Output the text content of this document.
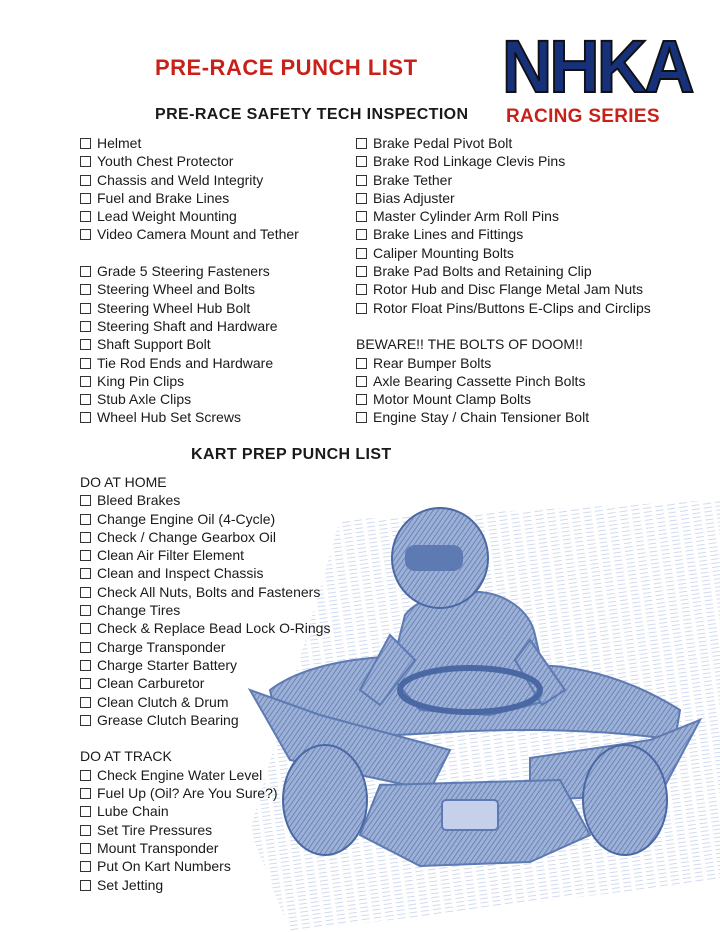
PRE-RACE PUNCH LIST NHKA
RACING SERIES
PRE-RACE SAFETY TECH INSPECTION
Helmet
Youth Chest Protector
Chassis and Weld Integrity
Fuel and Brake Lines
Lead Weight Mounting
Video Camera Mount and Tether
Grade 5 Steering Fasteners
Steering Wheel and Bolts
Steering Wheel Hub Bolt
Steering Shaft and Hardware
Shaft Support Bolt
Tie Rod Ends and Hardware
King Pin Clips
Stub Axle Clips
Wheel Hub Set Screws
Brake Pedal Pivot Bolt
Brake Rod Linkage Clevis Pins
Brake Tether
Bias Adjuster
Master Cylinder Arm Roll Pins
Brake Lines and Fittings
Caliper Mounting Bolts
Brake Pad Bolts and Retaining Clip
Rotor Hub and Disc Flange Metal Jam Nuts
Rotor Float Pins/Buttons E-Clips and Circlips
BEWARE!! THE BOLTS OF DOOM!!
Rear Bumper Bolts
Axle Bearing Cassette Pinch Bolts
Motor Mount Clamp Bolts
Engine Stay / Chain Tensioner Bolt
KART PREP PUNCH LIST
DO AT HOME
Bleed Brakes
Change Engine Oil (4-Cycle)
Check / Change Gearbox Oil
Clean Air Filter Element
Clean and Inspect Chassis
Check All Nuts, Bolts and Fasteners
Change Tires
Check & Replace Bead Lock O-Rings
Charge Transponder
Charge Starter Battery
Clean Carburetor
Clean Clutch & Drum
Grease Clutch Bearing
DO AT TRACK
Check Engine Water Level
Fuel Up (Oil? Are You Sure?)
Lube Chain
Set Tire Pressures
Mount Transponder
Put On Kart Numbers
Set Jetting
